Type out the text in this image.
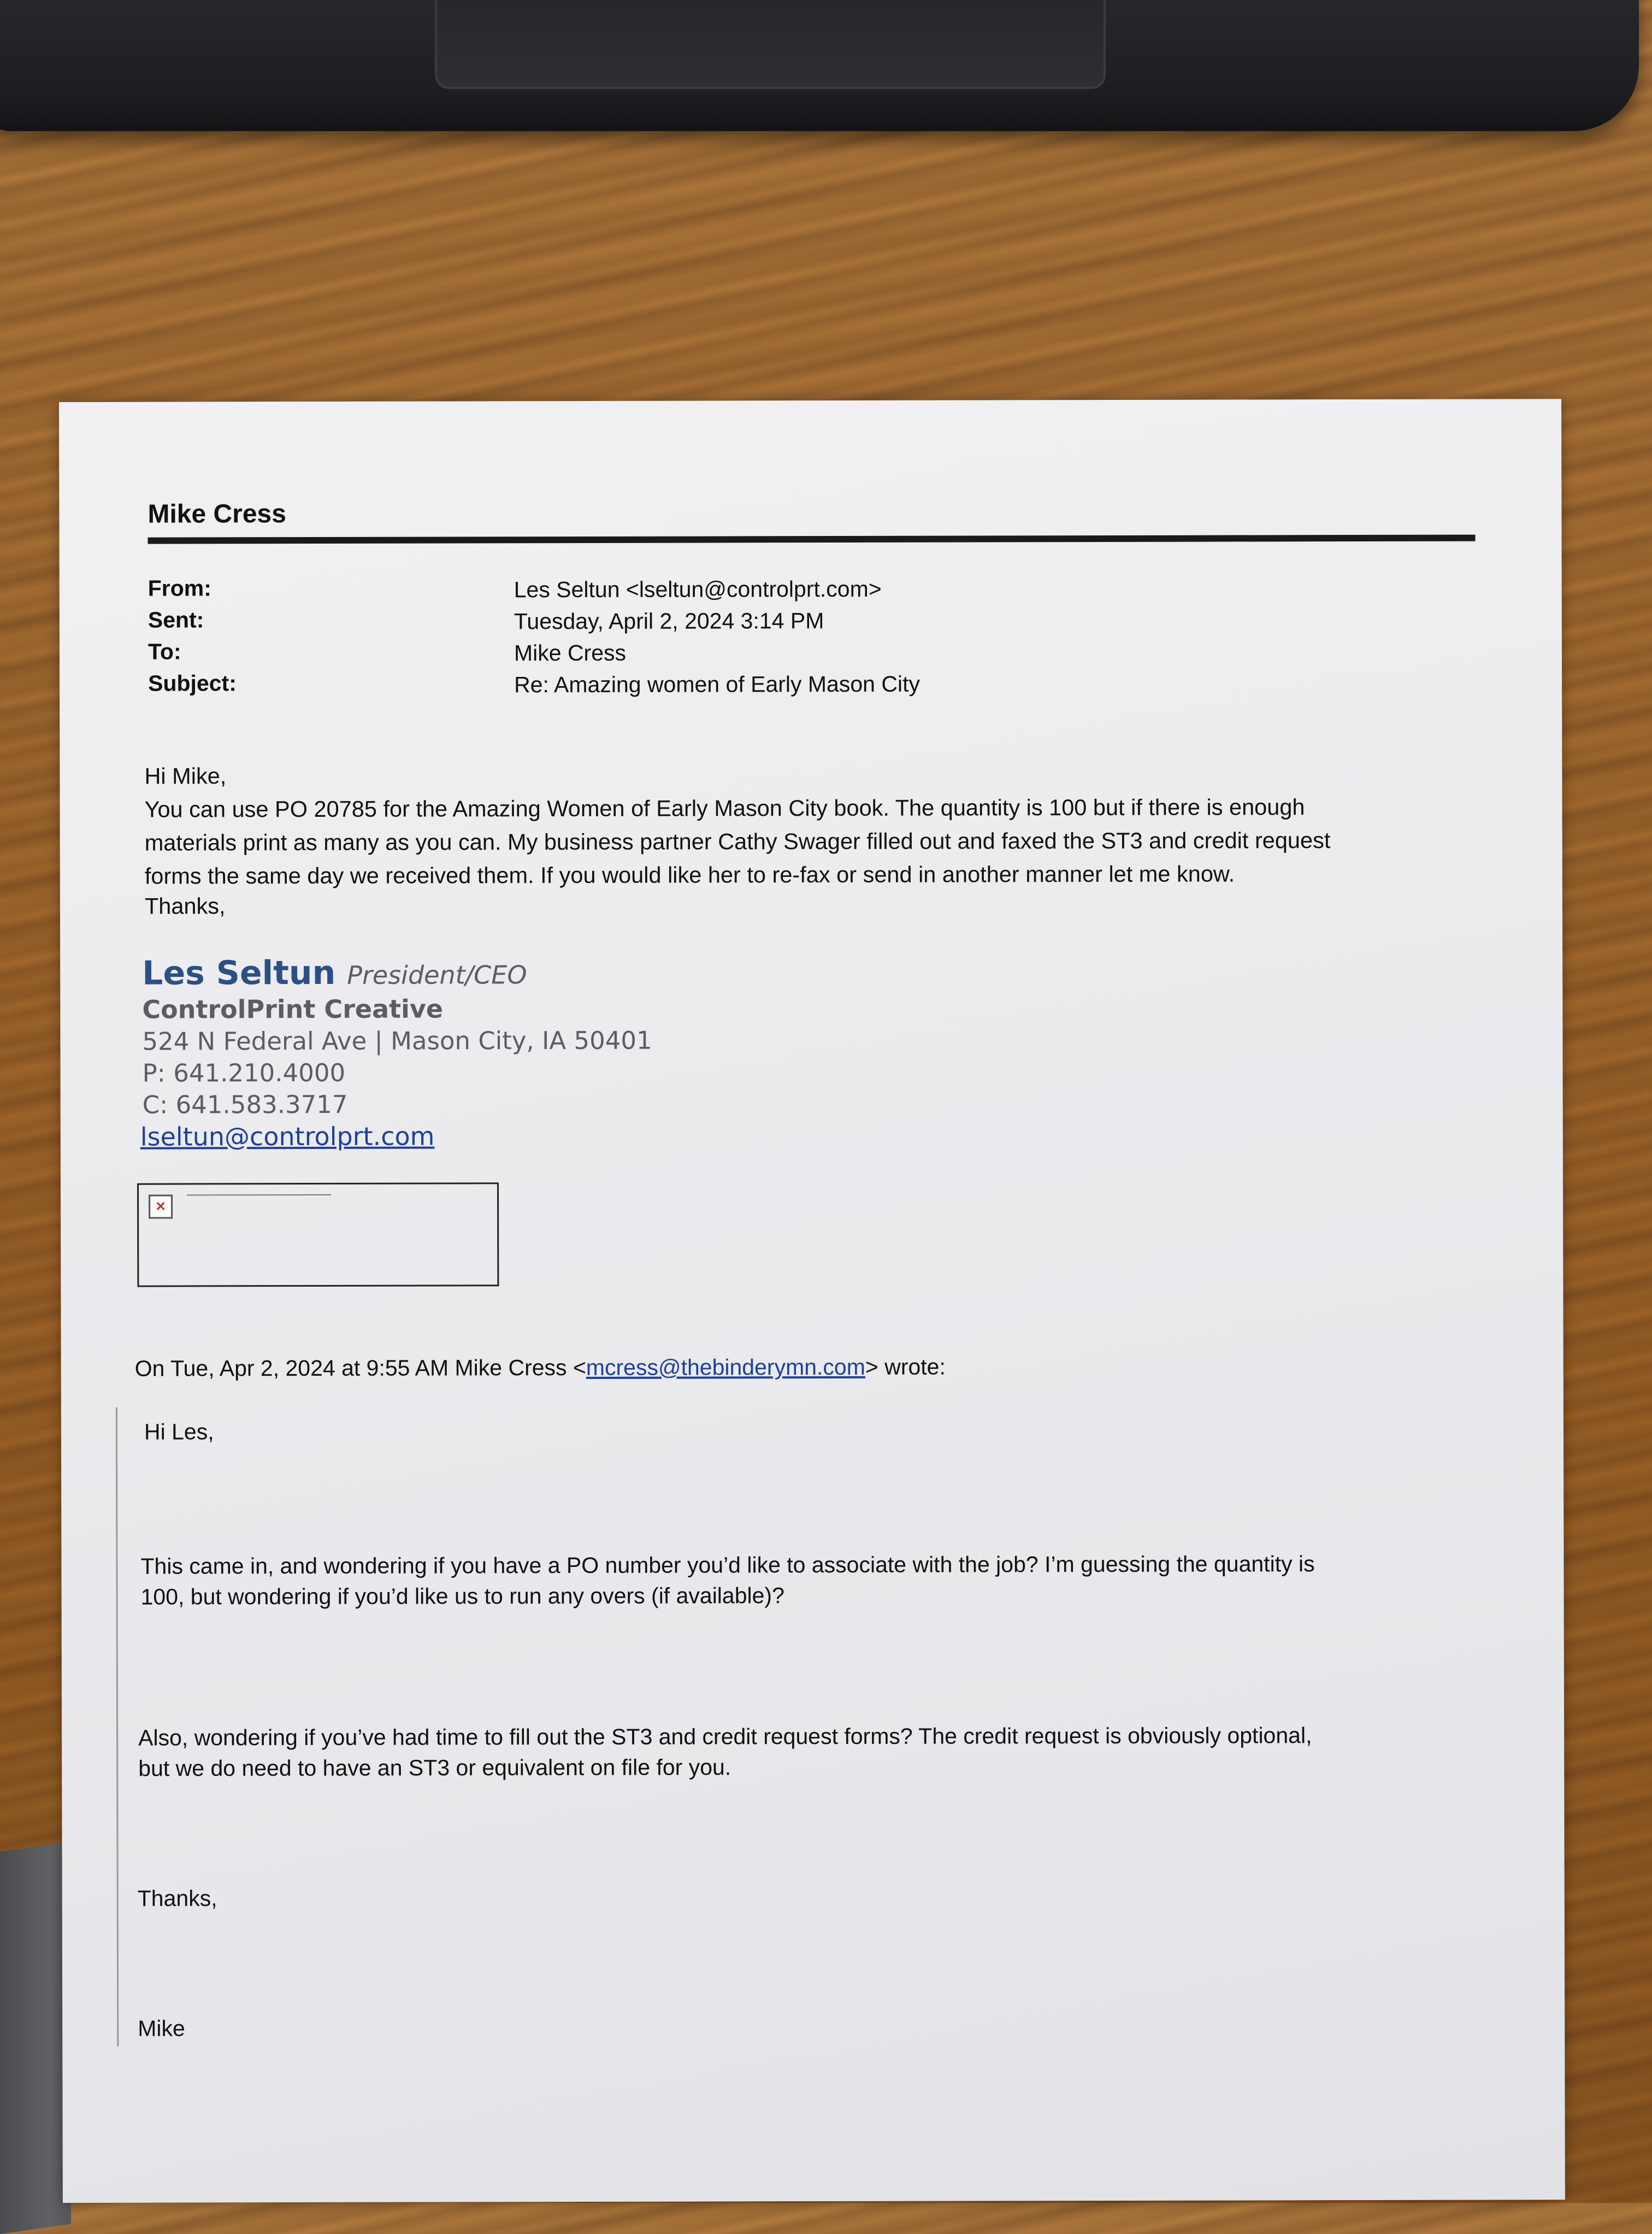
Mike Cress
From:	Les Seltun <lseltun@controlprt.com>
Sent:	Tuesday, April 2, 2024 3:14 PM
To:	Mike Cress
Subject:	Re: Amazing women of Early Mason City
Hi Mike,
You can use PO 20785 for the Amazing Women of Early Mason City book. The quantity is 100 but if there is enough
materials print as many as you can. My business partner Cathy Swager filled out and faxed the ST3 and credit request
forms the same day we received them. If you would like her to re-fax or send in another manner let me know.
Thanks,
Les Seltun President/CEO
ControlPrint Creative
524 N Federal Ave | Mason City, IA 50401
P: 641.210.4000
C: 641.583.3717
lseltun@controlprt.com
×
On Tue, Apr 2, 2024 at 9:55 AM Mike Cress <mcress@thebinderymn.com> wrote:
Hi Les,
This came in, and wondering if you have a PO number you’d like to associate with the job? I’m guessing the quantity is
100, but wondering if you’d like us to run any overs (if available)?
Also, wondering if you’ve had time to fill out the ST3 and credit request forms? The credit request is obviously optional,
but we do need to have an ST3 or equivalent on file for you.
Thanks,
Mike
